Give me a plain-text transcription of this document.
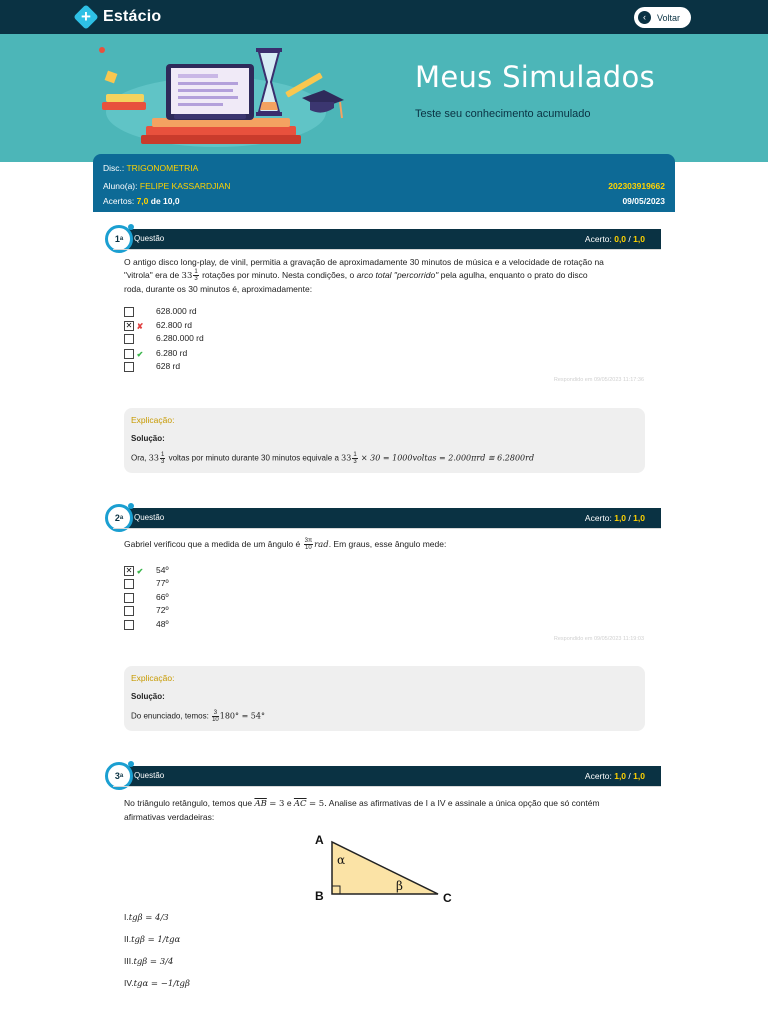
+ Estácio	‹	Voltar
Meus Simulados
Teste seu conhecimento acumulado
Disc.: TRIGONOMETRIA
Aluno(a): FELIPE KASSARDJIAN
Acertos: 7,0 de 10,0
202303919662
09/05/2023
Questão	Acerto: 0,0 / 1,0
1 a
O antigo disco long-play, de vinil, permitia a gravação de aproximadamente 30 minutos de música e a velocidade de rotação na
"vitrola" era de $33 \frac{1}{3}$ rotações por minuto. Nesta condições, o arco total "percorrido" pela agulha, enquanto o prato do disco
roda, durante os 30 minutos é, aproximadamente:
628.000 rd
✕ ✘ 62.800 rd
6.280.000 rd
✔ 6.280 rd
628 rd
Respondido em 09/05/2023 11:17:36
Explicação:
Solução:
Ora, $33 \frac{1}{3}$ voltas por minuto durante 30 minutos equivale a $33 \frac{1}{3} \times 30$ = 1000voltas = 2.000πrd ≅ 6.2800rd
Questão	Acerto: 1,0 / 1,0
2 a
Gabriel verificou que a medida de um ângulo é $\frac{3\pi}{10}$ rad. Em graus, esse ângulo mede:
✕ ✔ 54º
77º
66º
72º
48º
Respondido em 09/05/2023 11:19:03
Explicação:
Solução:
Do enunciado, temos: $\frac{3}{10} 180^\circ = 54^\circ$
Questão	Acerto: 1,0 / 1,0
3 a
No triângulo retângulo, temos que $\overline{AB} = 3$ e $\overline{AC} = 5$. Analise as afirmativas de I a IV e assinale a única opção que só contém
afirmativas verdadeiras:
A
B	C
α
β
I.tgβ = 4/3
II.tgβ = 1/tgα
III.tgβ = 3/4
IV.tgα = −1/tgβ
